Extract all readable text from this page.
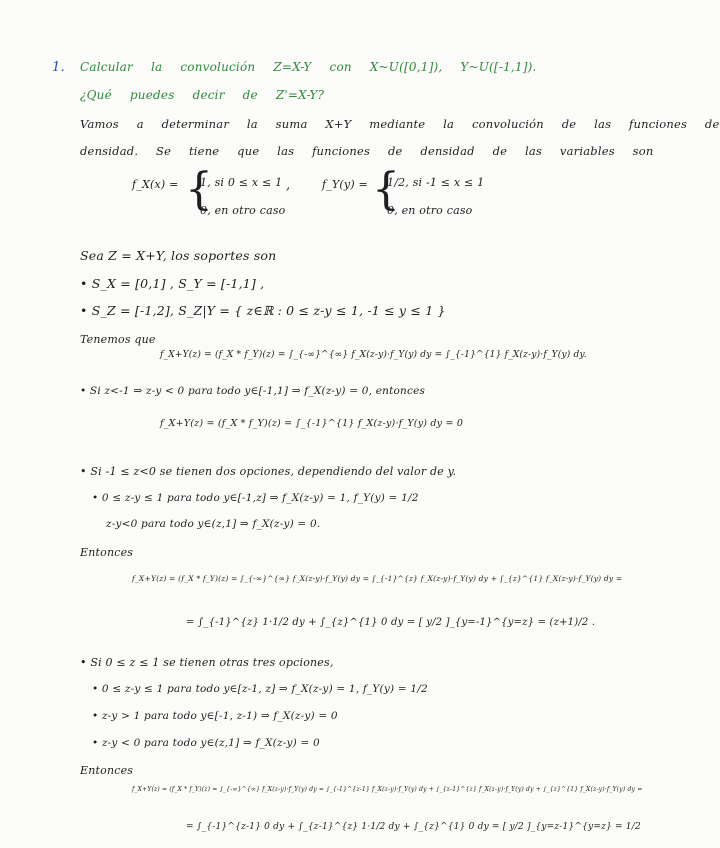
1. Calcular la convolución Z=X-Y con X~U([0,1]), Y~U([-1,1]).
¿Qué puedes decir de Z'=X-Y?
Vamos a determinar la suma X+Y mediante la convolución de las funciones de
densidad. Se tiene que las funciones de densidad de las variables son
f_X(x) = {
1, si 0 ≤ x ≤ 1
0, en otro caso
,	f_Y(y) = {
1/2, si -1 ≤ x ≤ 1
0, en otro caso
Sea Z = X+Y, los soportes son
• S_X = [0,1] , S_Y = [-1,1] ,
• S_Z = [-1,2], S_Z|Y = { z∈ℝ : 0 ≤ z-y ≤ 1, -1 ≤ y ≤ 1 }
Tenemos que
f_X+Y(z) = (f_X * f_Y)(z) = ∫_{-∞}^{∞} f_X(z-y)·f_Y(y) dy = ∫_{-1}^{1} f_X(z-y)·f_Y(y) dy.
• Si z<-1 ⇒ z-y < 0 para todo y∈[-1,1] ⇒ f_X(z-y) = 0, entonces
f_X+Y(z) = (f_X * f_Y)(z) = ∫_{-1}^{1} f_X(z-y)·f_Y(y) dy = 0
• Si -1 ≤ z<0 se tienen dos opciones, dependiendo del valor de y.
• 0 ≤ z-y ≤ 1 para todo y∈[-1,z] ⇒ f_X(z-y) = 1, f_Y(y) = 1/2
z-y<0 para todo y∈(z,1] ⇒ f_X(z-y) = 0.
Entonces
f_X+Y(z) = (f_X * f_Y)(z) = ∫_{-∞}^{∞} f_X(z-y)·f_Y(y) dy = ∫_{-1}^{z} f_X(z-y)·f_Y(y) dy + ∫_{z}^{1} f_X(z-y)·f_Y(y) dy =
= ∫_{-1}^{z} 1·1/2 dy + ∫_{z}^{1} 0 dy = [ y/2 ]_{y=-1}^{y=z} = (z+1)/2 .
• Si 0 ≤ z ≤ 1 se tienen otras tres opciones,
• 0 ≤ z-y ≤ 1 para todo y∈[z-1, z] ⇒ f_X(z-y) = 1, f_Y(y) = 1/2
• z-y > 1 para todo y∈[-1, z-1) ⇒ f_X(z-y) = 0
• z-y < 0 para todo y∈(z,1] ⇒ f_X(z-y) = 0
Entonces
f_X+Y(z) = (f_X * f_Y)(z) = ∫_{-∞}^{∞} f_X(z-y)·f_Y(y) dy = ∫_{-1}^{z-1} f_X(z-y)·f_Y(y) dy + ∫_{z-1}^{z} f_X(z-y)·f_Y(y) dy + ∫_{z}^{1} f_X(z-y)·f_Y(y) dy =
= ∫_{-1}^{z-1} 0 dy + ∫_{z-1}^{z} 1·1/2 dy + ∫_{z}^{1} 0 dy = [ y/2 ]_{y=z-1}^{y=z} = 1/2
